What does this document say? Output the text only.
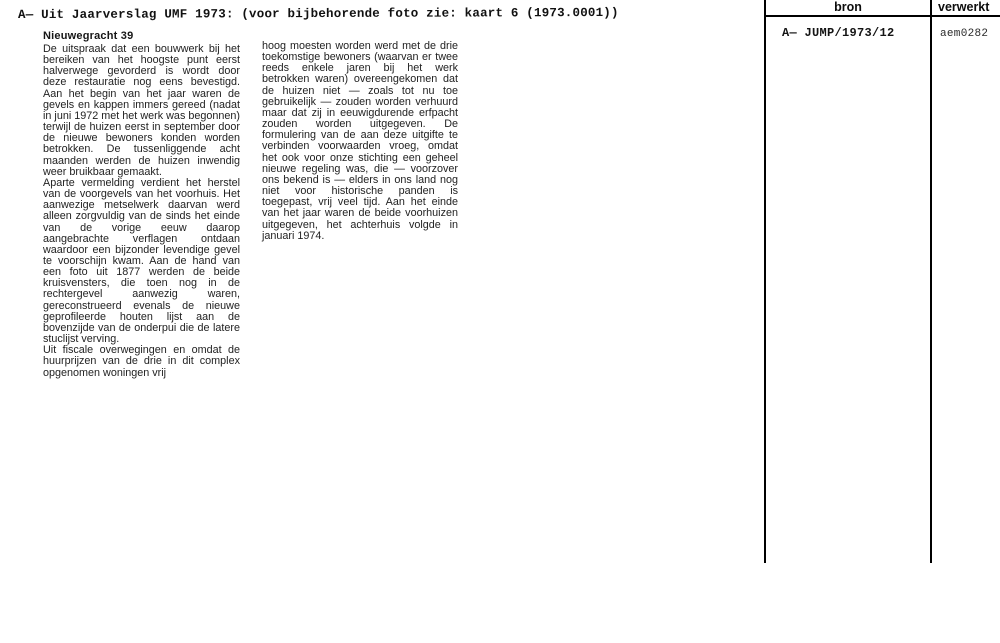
A— Uit Jaarverslag UMF 1973: (voor bijbehorende foto zie: kaart 6 (1973.0001))
Nieuwegracht 39

De uitspraak dat een bouwwerk bij het bereiken van het hoogste punt eerst halverwege gevorderd is wordt door deze restauratie nog eens bevestigd. Aan het begin van het jaar waren de gevels en kappen immers gereed (nadat in juni 1972 met het werk was begonnen) terwijl de huizen eerst in september door de nieuwe bewoners konden worden betrokken. De tussenliggende acht maanden werden de huizen inwendig weer bruikbaar gemaakt.

Aparte vermelding verdient het herstel van de voorgevels van het voorhuis. Het aanwezige metselwerk daarvan werd alleen zorgvuldig van de sinds het einde van de vorige eeuw daarop aangebrachte verflagen ontdaan waardoor een bijzonder levendige gevel te voorschijn kwam. Aan de hand van een foto uit 1877 werden de beide kruisvensters, die toen nog in de rechtergevel aanwezig waren, gereconstrueerd evenals de nieuwe geprofileerde houten lijst aan de bovenzijde van de onderpui die de latere stuclijst verving.

Uit fiscale overwegingen en omdat de huurprijzen van de drie in dit complex opgenomen woningen vrij

hoog moesten worden werd met de drie toekomstige bewoners (waarvan er twee reeds enkele jaren bij het werk betrokken waren) overeengekomen dat de huizen niet — zoals tot nu toe gebruikelijk — zouden worden verhuurd maar dat zij in eeuwigdurende erfpacht zouden worden uitgegeven. De formulering van de aan deze uitgifte te verbinden voorwaarden vroeg, omdat het ook voor onze stichting een geheel nieuwe regeling was, die — voorzover ons bekend is — elders in ons land nog niet voor historische panden is toegepast, vrij veel tijd. Aan het einde van het jaar waren de beide voorhuizen uitgegeven, het achterhuis volgde in januari 1974.

bron	verwerkt
A— JUMP/1973/12	aem0282
